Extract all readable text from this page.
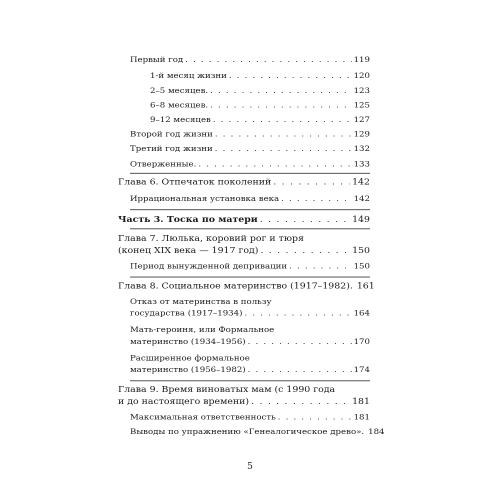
Первый год . . .	119
1-й месяц жизни . . .	120
2–5 месяцев. . . .	123
6–8 месяцев. . . .	125
9–12 месяцев . . .	127
Второй год жизни . . .	129
Третий год жизни . . .	132
Отверженные. . . .	133
Глава 6. Отпечаток поколений . . .	142
Иррациональная установка века . . .	142
Часть 3. Тоска по матери . . .	149
Глава 7. Люлька, коровий рог и тюря
(конец XIX века — 1917 год) . . .	150
Период вынужденной депривации . . .	150
Глава 8. Социальное материнство (1917–1982). 161
Отказ от материнства в пользу
государства (1917–1934) . . .	164
Мать-героиня, или Формальное
материнство (1934–1956) . . .	170
Расширенное формальное
материнство (1956–1982) . . .	174
Глава 9. Время виноватых мам (с 1990 года
и до настоящего времени) . . .	181
Максимальная ответственность . . .	181
Выводы по упражнению «Генеалогическое древо». 184
5
